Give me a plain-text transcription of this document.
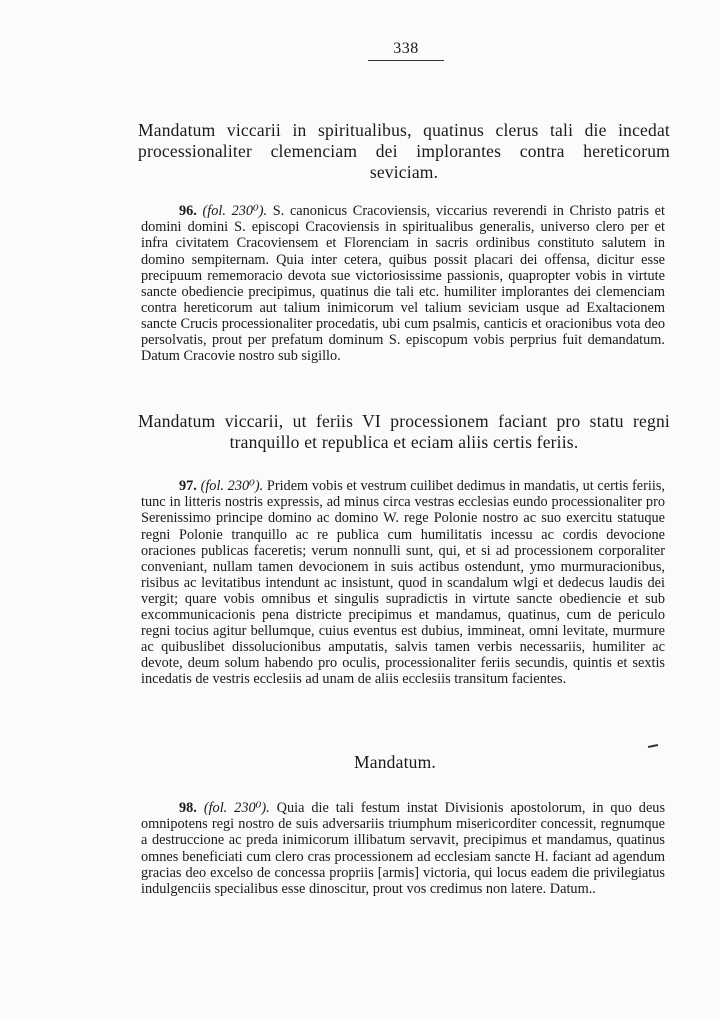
338
Mandatum viccarii in spiritualibus, quatinus clerus tali die incedat processionaliter clemenciam dei implorantes contra hereticorum seviciam.

96. (fol. 230⁰). S. canonicus Cracoviensis, viccarius reverendi in Christo patris et domini domini S. episcopi Cracoviensis in spiritualibus generalis, universo clero per et infra civitatem Cracoviensem et Florenciam in sacris ordinibus constituto salutem in domino sempiternam. Quia inter cetera, quibus possit placari dei offensa, dicitur esse precipuum rememoracio devota sue victoriosissime passionis, quapropter vobis in virtute sancte obediencie precipimus, quatinus die tali etc. humiliter implorantes dei clemenciam contra hereticorum aut talium inimicorum vel talium seviciam usque ad Exaltacionem sancte Crucis processionaliter procedatis, ubi cum psalmis, canticis et oracionibus vota deo persolvatis, prout per prefatum dominum S. episcopum vobis perprius fuit demandatum. Datum Cracovie nostro sub sigillo.

Mandatum viccarii, ut feriis VI processionem faciant pro statu regni tranquillo et republica et eciam aliis certis feriis.

97. (fol. 230⁰). Pridem vobis et vestrum cuilibet dedimus in mandatis, ut certis feriis, tunc in litteris nostris expressis, ad minus circa vestras ecclesias eundo processionaliter pro Serenissimo principe domino ac domino W. rege Polonie nostro ac suo exercitu statuque regni Polonie tranquillo ac re publica cum humilitatis incessu ac cordis devocione oraciones publicas faceretis; verum nonnulli sunt, qui, et si ad processionem corporaliter conveniant, nullam tamen devocionem in suis actibus ostendunt, ymo murmuracionibus, risibus ac levitatibus intendunt ac insistunt, quod in scandalum wlgi et dedecus laudis dei vergit; quare vobis omnibus et singulis supradictis in virtute sancte obediencie et sub excommunicacionis pena districte precipimus et mandamus, quatinus, cum de periculo regni tocius agitur bellumque, cuius eventus est dubius, immineat, omni levitate, murmure ac quibuslibet dissolucionibus amputatis, salvis tamen verbis necessariis, humiliter ac devote, deum solum habendo pro oculis, processionaliter feriis secundis, quintis et sextis incedatis de vestris ecclesiis ad unam de aliis ecclesiis transitum facientes.

Mandatum.

98. (fol. 230⁰). Quia die tali festum instat Divisionis apostolorum, in quo deus omnipotens regi nostro de suis adversariis triumphum misericorditer concessit, regnumque a destruccione ac preda inimicorum illibatum servavit, precipimus et mandamus, quatinus omnes beneficiati cum clero cras processionem ad ecclesiam sancte H. faciant ad agendum gracias deo excelso de concessa propriis [armis] victoria, qui locus eadem die privilegiatus indulgenciis specialibus esse dinoscitur, prout vos credimus non latere. Datum..
